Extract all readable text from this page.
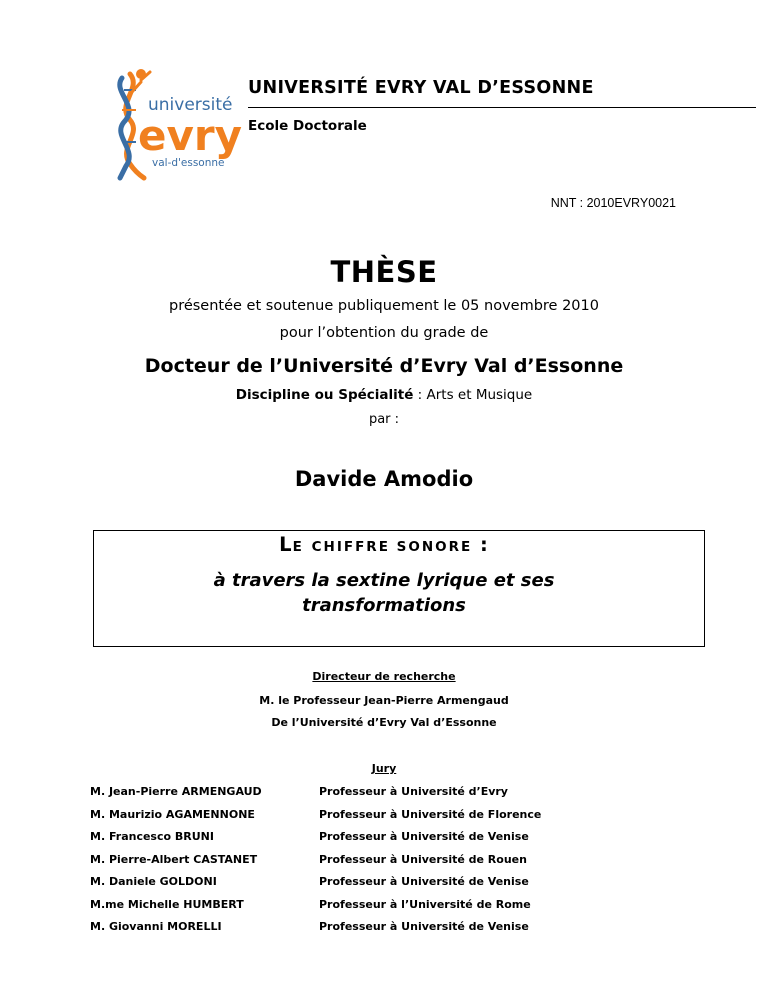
université
evry
val-d'essonne
UNIVERSITÉ EVRY VAL D’ESSONNE
Ecole Doctorale
NNT : 2010EVRY0021
THÈSE
présentée et soutenue publiquement le 05 novembre 2010
pour l’obtention du grade de
Docteur de l’Université d’Evry Val d’Essonne
Discipline ou Spécialité : Arts et Musique
par :
Davide Amodio
LE CHIFFRE SONORE :
à travers la sextine lyrique et ses
transformations
Directeur de recherche
M. le Professeur Jean-Pierre Armengaud
De l’Université d’Evry Val d’Essonne
Jury
M. Jean-Pierre ARMENGAUD	Professeur à Université d’Evry
M. Maurizio AGAMENNONE	Professeur à Université de Florence
M. Francesco BRUNI	Professeur à Université de Venise
M. Pierre-Albert CASTANET	Professeur à Université de Rouen
M. Daniele GOLDONI	Professeur à Université de Venise
M.me Michelle HUMBERT	Professeur à l’Université de Rome
M. Giovanni MORELLI	Professeur à Université de Venise
